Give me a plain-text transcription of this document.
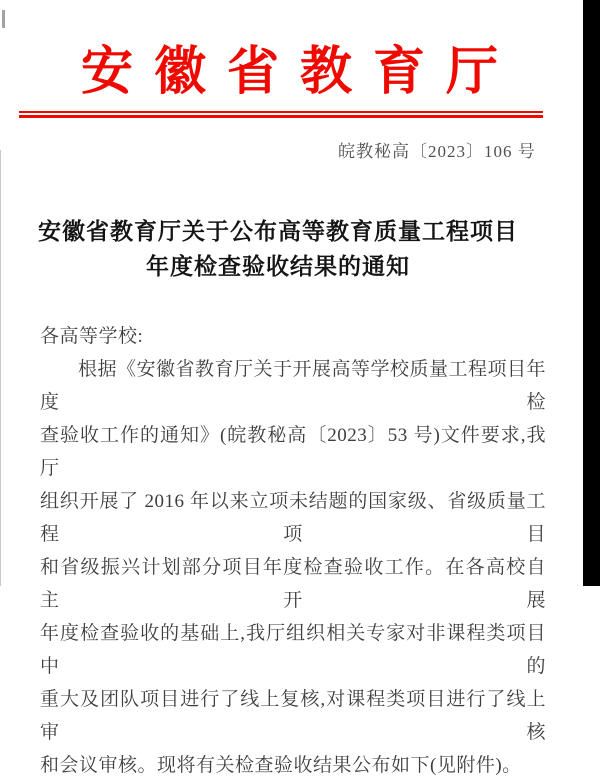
安 徽 省 教 育 厅
皖教秘高〔2023〕106 号
安徽省教育厅关于公布高等教育质量工程项目
年度检查验收结果的通知
各高等学校:
根据《安徽省教育厅关于开展高等学校质量工程项目年度检
查验收工作的通知》(皖教秘高〔2023〕53 号)文件要求,我厅
组织开展了 2016 年以来立项未结题的国家级、省级质量工程项目
和省级振兴计划部分项目年度检查验收工作。在各高校自主开展
年度检查验收的基础上,我厅组织相关专家对非课程类项目中的
重大及团队项目进行了线上复核,对课程类项目进行了线上审核
和会议审核。现将有关检查验收结果公布如下(见附件)。
